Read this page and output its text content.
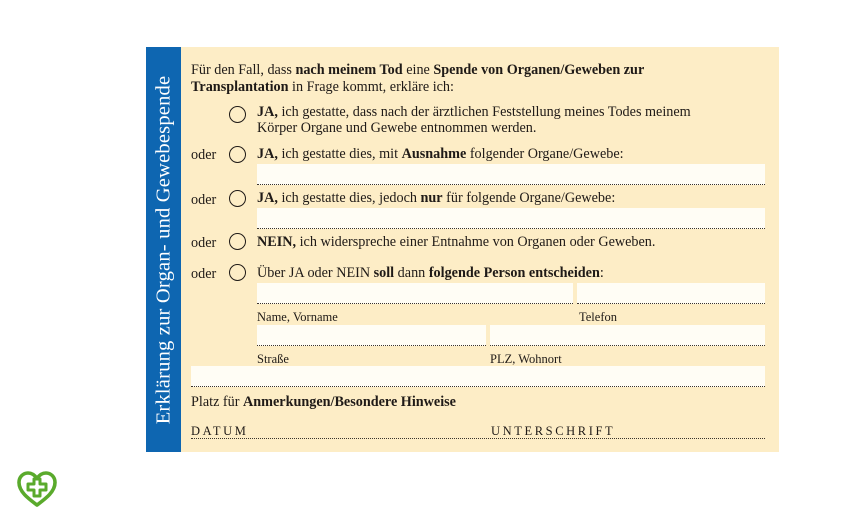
Erklärung zur Organ- und Gewebespende
Für den Fall, dass nach meinem Tod eine Spende von Organen/Geweben zur
Transplantation in Frage kommt, erkläre ich:
JA, ich gestatte, dass nach der ärztlichen Feststellung meines Todes meinem
Körper Organe und Gewebe entnommen werden.
oder	JA, ich gestatte dies, mit Ausnahme folgender Organe/Gewebe:
oder	JA, ich gestatte dies, jedoch nur für folgende Organe/Gewebe:
oder	NEIN, ich widerspreche einer Entnahme von Organen oder Geweben.
oder	Über JA oder NEIN soll dann folgende Person entscheiden:
Name, Vorname	Telefon
Straße	PLZ, Wohnort
Platz für Anmerkungen/Besondere Hinweise
DATUM	UNTERSCHRIFT
